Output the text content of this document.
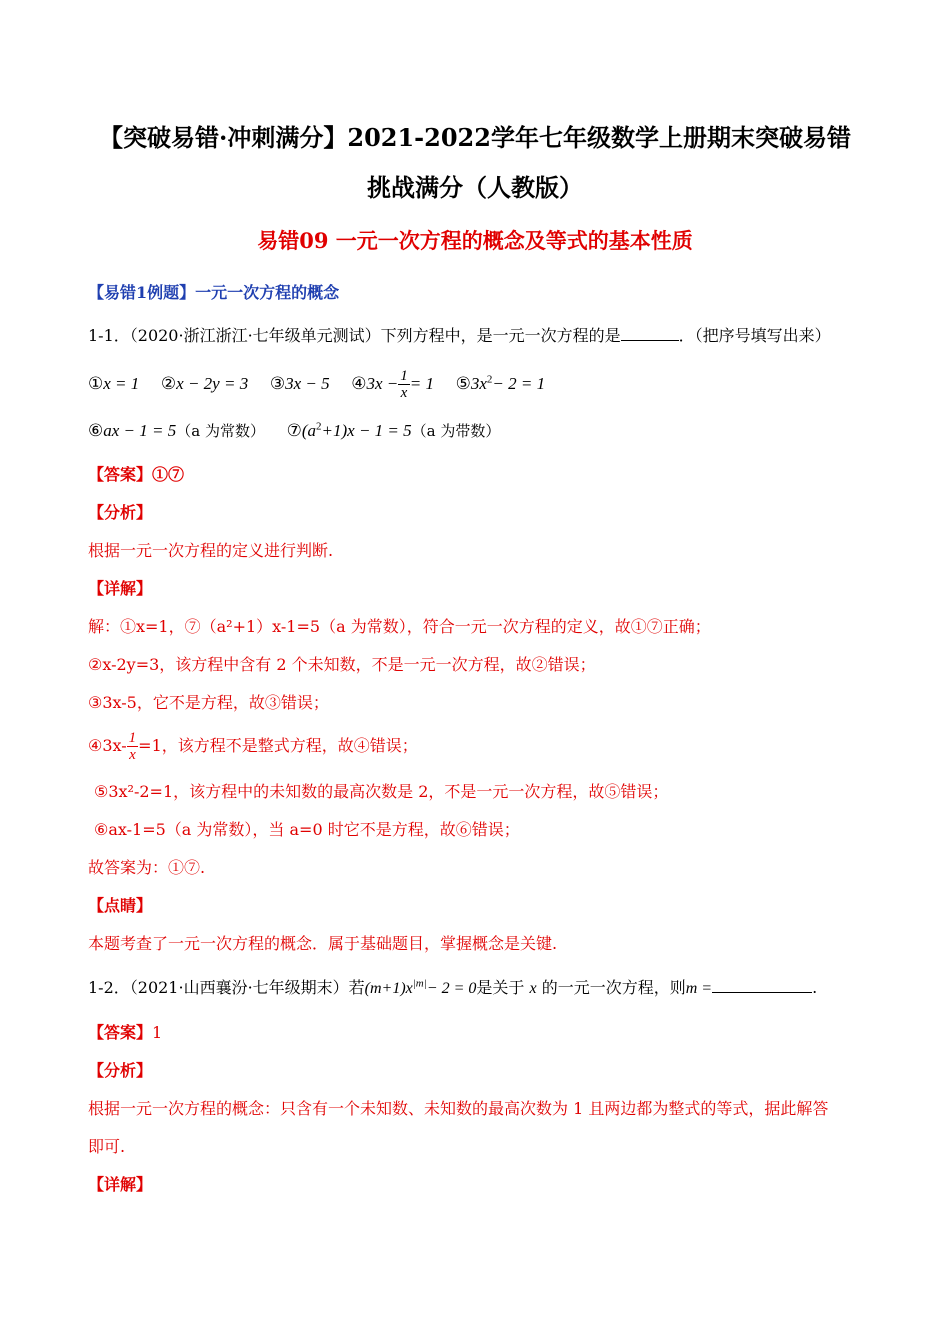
【突破易错·冲刺满分】2021-2022学年七年级数学上册期末突破易错
挑战满分（人教版）
易错09 一元一次方程的概念及等式的基本性质
【易错1例题】一元一次方程的概念
1-1．（2020·浙江浙江·七年级单元测试）下列方程中，是一元一次方程的是	．（把序号填写出来）
①x = 1 ②x − 2y = 3 ③3x − 5 ④3x − $\frac{1}{x} = 1$ $⑤3x^2- 2 = 1$
⑥ax − 1 = 5（a 为常数） $⑦(a^2+1)x - 1 = 5(a$ 为带数）
【答案】①⑦
【分析】
根据一元一次方程的定义进行判断.
【详解】
解：①x=1，⑦（a²+1）x-1=5（a 为常数），符合一元一次方程的定义，故①⑦正确；
②x-2y=3，该方程中含有 2 个未知数，不是一元一次方程，故②错误；
③3x-5，它不是方程，故③错误；
④3x- $\frac{1}{x} =1$，该方程不是整式方程，故④错误；
⑤3x²-2=1，该方程中的未知数的最高次数是 2，不是一元一次方程，故⑤错误；
⑥ax-1=5（a 为常数），当 a=0 时它不是方程，故⑥错误；
故答案为：①⑦.
【点睛】
本题考查了一元一次方程的概念．属于基础题目，掌握概念是关键.
1-2．（2021·山西襄汾·七年级期末）若$(m+1)x^{|m|}- 2 = 0$是关于 x 的一元一次方程，则m =	.
【答案】1
【分析】
根据一元一次方程的概念：只含有一个未知数、未知数的最高次数为 1 且两边都为整式的等式，据此解答
即可.
【详解】
